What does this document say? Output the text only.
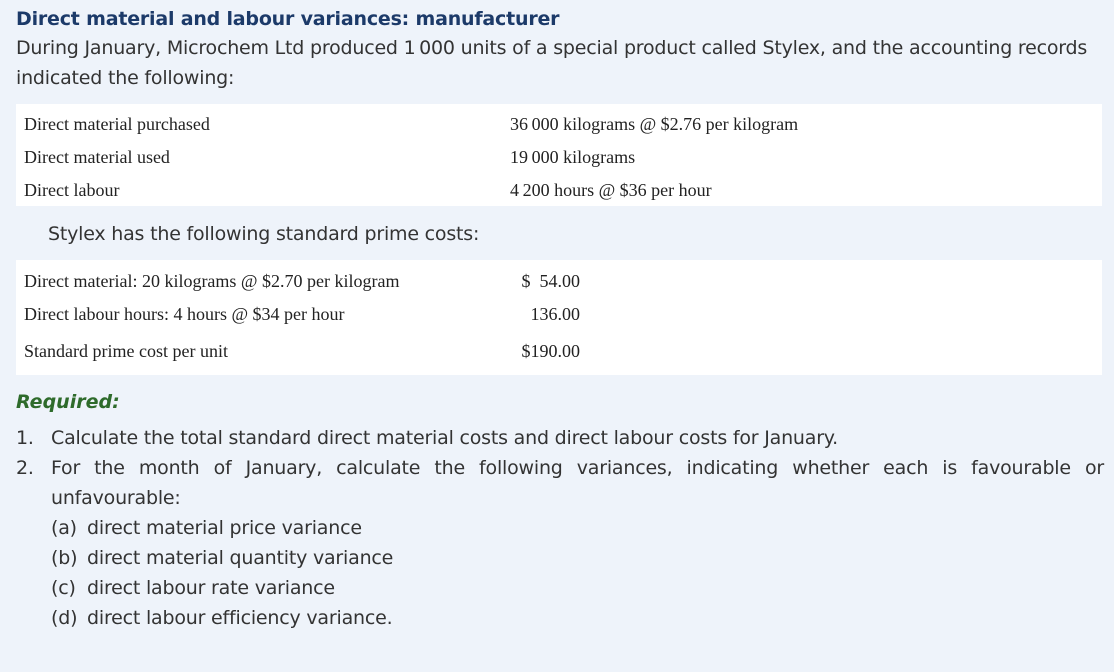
Direct material and labour variances: manufacturer
During January, Microchem Ltd produced 1 000 units of a special product called Stylex, and the accounting records indicated the following:
Direct material purchased	36 000 kilograms @ $2.76 per kilogram
Direct material used	19 000 kilograms
Direct labour	4 200 hours @ $36 per hour
Stylex has the following standard prime costs:
Direct material: 20 kilograms @ $2.70 per kilogram	$  54.00
Direct labour hours: 4 hours @ $34 per hour	136.00
Standard prime cost per unit	$190.00
Required:
1. Calculate the total standard direct material costs and direct labour costs for January.
2. For the month of January, calculate the following variances, indicating whether each is favourable or unfavourable:
(a) direct material price variance
(b) direct material quantity variance
(c) direct labour rate variance
(d) direct labour efficiency variance.
